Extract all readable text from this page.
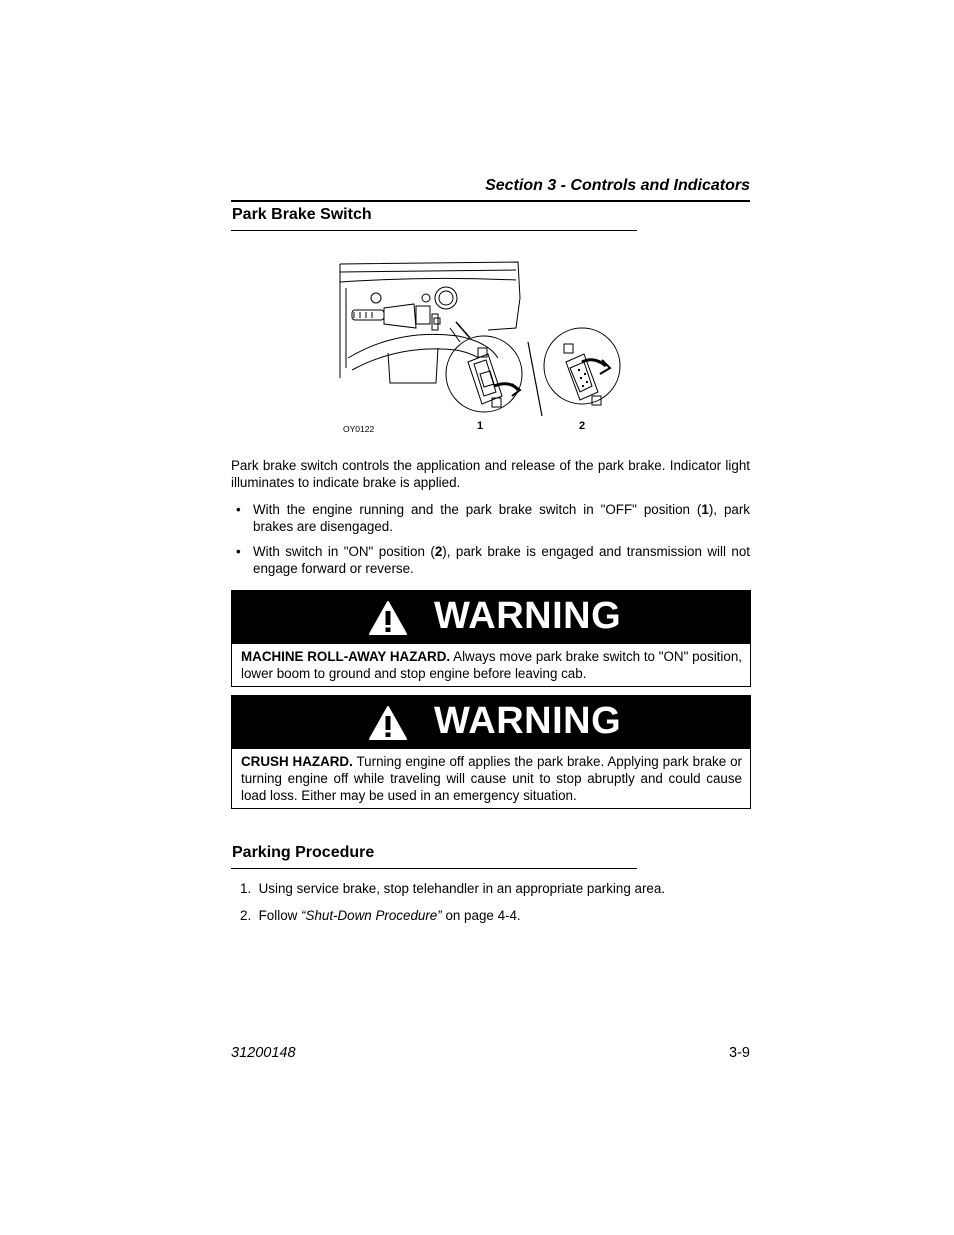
Section 3 - Controls and Indicators
Park Brake Switch
OY0122	1	2
Park brake switch controls the application and release of the park brake. Indicator light illuminates to indicate brake is applied.
• With the engine running and the park brake switch in "OFF" position (1), park brakes are disengaged.
• With switch in "ON" position (2), park brake is engaged and transmission will not engage forward or reverse.
WARNING
MACHINE ROLL-AWAY HAZARD. Always move park brake switch to "ON" position, lower boom to ground and stop engine before leaving cab.
WARNING
CRUSH HAZARD. Turning engine off applies the park brake. Applying park brake or turning engine off while traveling will cause unit to stop abruptly and could cause load loss. Either may be used in an emergency situation.
Parking Procedure
1. Using service brake, stop telehandler in an appropriate parking area.
2. Follow “Shut-Down Procedure” on page 4-4.
31200148	3-9
